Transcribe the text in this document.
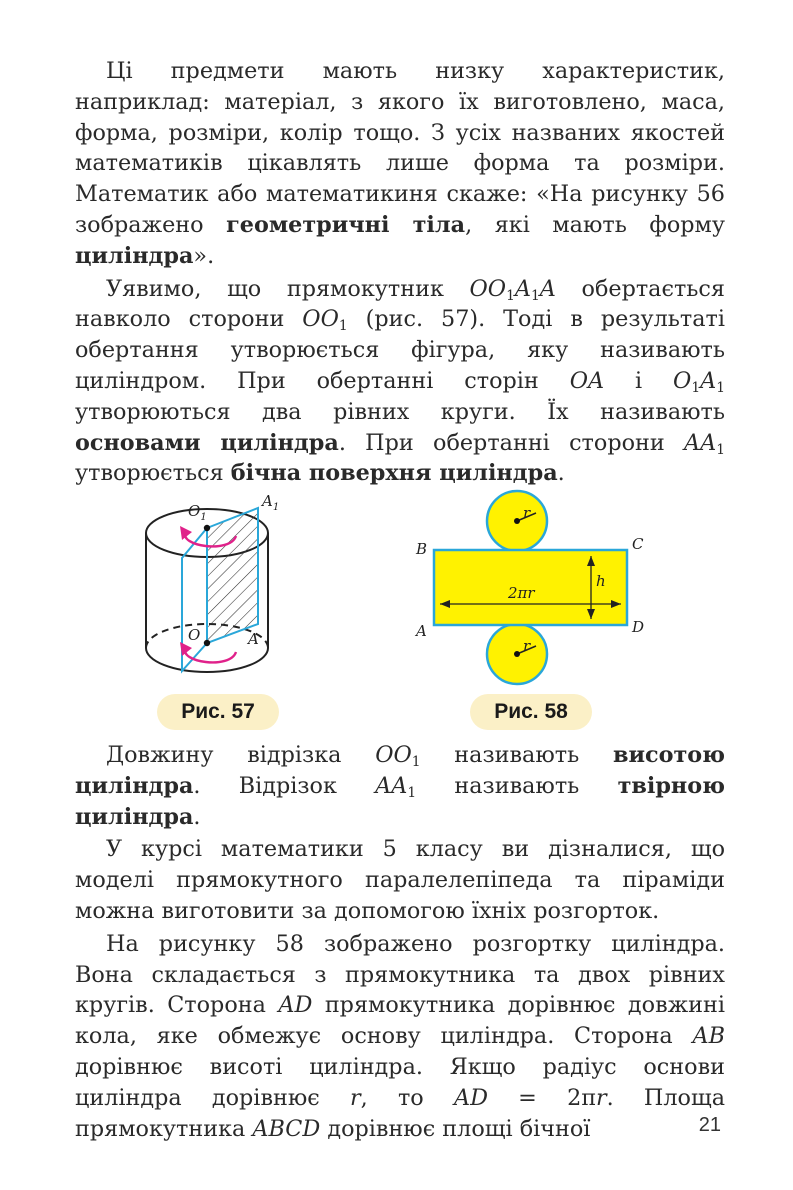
Ці предмети мають низку характеристик, наприклад: матеріал, з якого їх виготовлено, маса, форма, розміри, колір тощо. З усіх названих якостей математиків цікавлять лише форма та розміри. Математик або математикиня скаже: «На рисунку 56 зображено геометричні тіла, які мають форму циліндра».

Уявимо, що прямокутник $OO_1A_1A$ обертається навколо сторони $OO_1$ (рис. 57). Тоді в результаті обертання утворюється фігура, яку називають циліндром. При обертанні сторін OA і $O_1A_1$ утворюються два рівних круги. Їх називають основами циліндра. При обертанні сторони $AA_1$ утворюється бічна поверхня циліндра.

$O_1$
$A_1$
O	A
r
r
2πr
h
B	C
A	D
Рис. 57	Рис. 58

Довжину відрізка $OO_1$ називають висотою циліндра. Відрізок $AA_1$ називають твірною циліндра.

У курсі математики 5 класу ви дізналися, що моделі прямокутного паралелепіпеда та піраміди можна виготовити за допомогою їхніх розгорток.

На рисунку 58 зображено розгортку циліндра. Вона складається з прямокутника та двох рівних кругів. Сторона AD прямокутника дорівнює довжині кола, яке обмежує основу циліндра. Сторона AB дорівнює висоті циліндра. Якщо радіус основи циліндра дорівнює r, то AD = 2πr. Площа прямокутника ABCD дорівнює площі бічної	21
